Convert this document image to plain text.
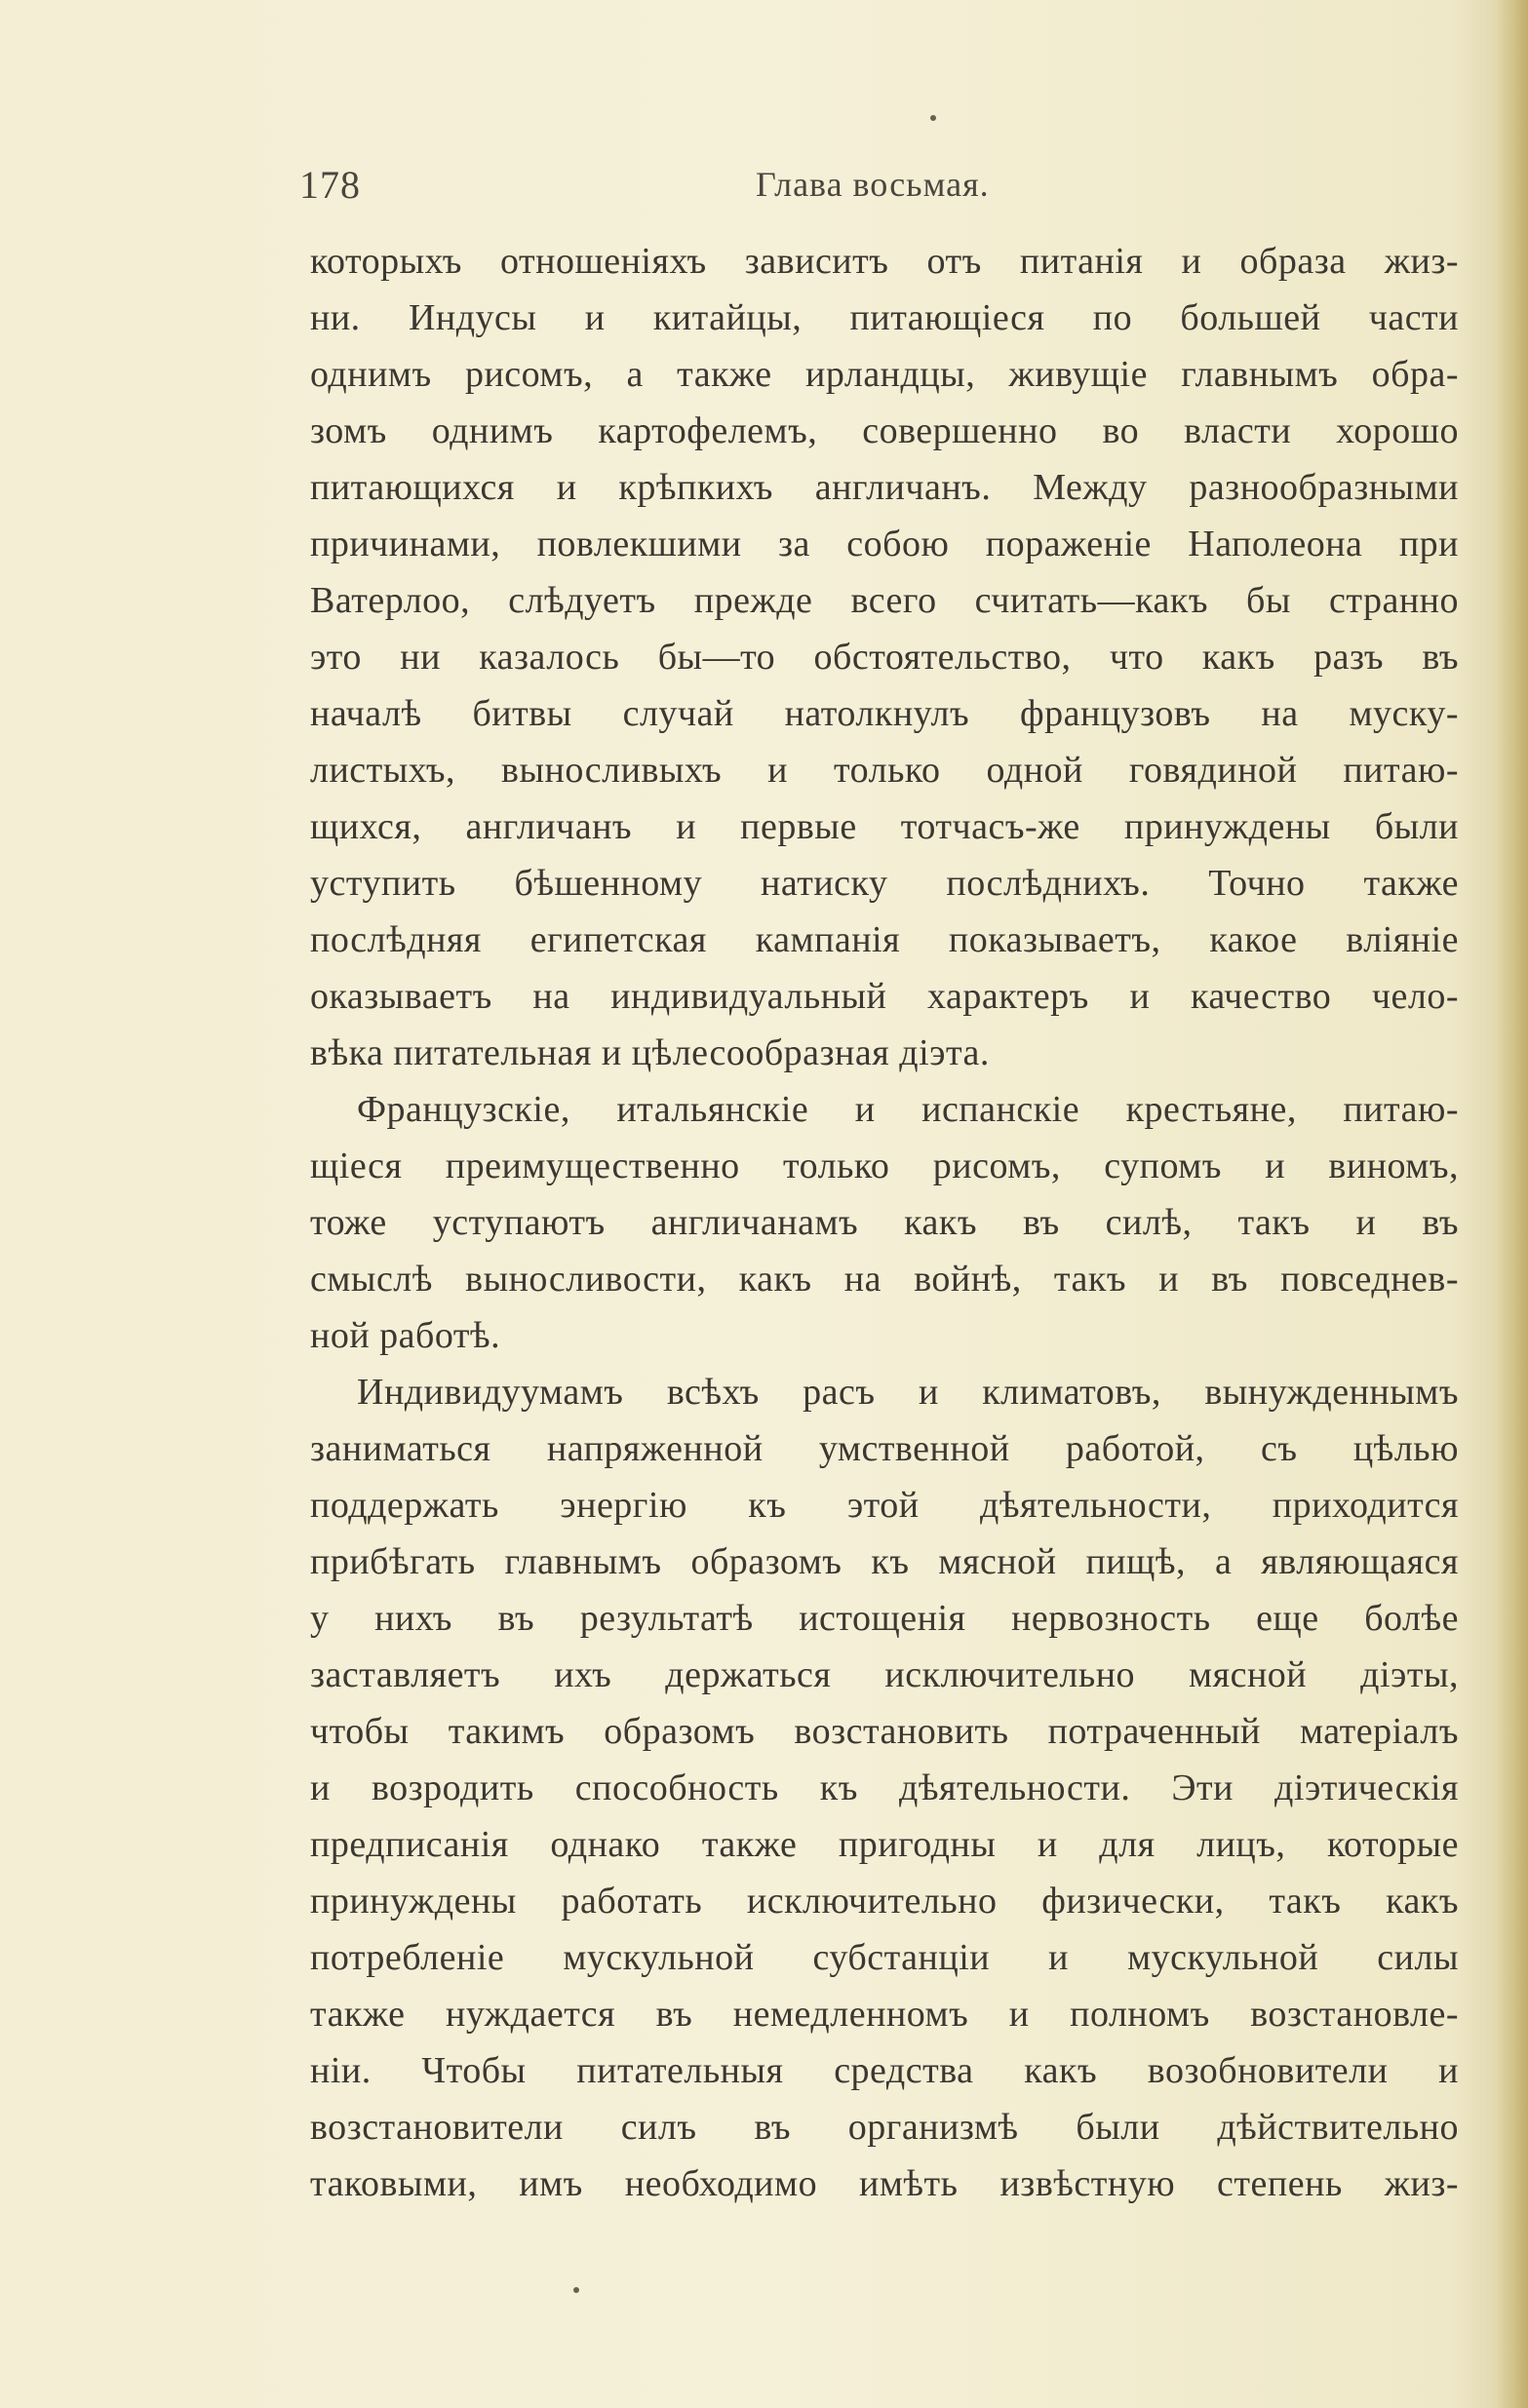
178	Глава восьмая.
которыхъ отношеніяхъ зависитъ отъ питанія и образа жиз-
ни. Индусы и китайцы, питающіеся по большей части
однимъ рисомъ, а также ирландцы, живущіе главнымъ обра-
зомъ однимъ картофелемъ, совершенно во власти хорошо
питающихся и крѣпкихъ англичанъ. Между разнообразными
причинами, повлекшими за собою пораженіе Наполеона при
Ватерлоо, слѣдуетъ прежде всего считать—какъ бы странно
это ни казалось бы—то обстоятельство, что какъ разъ въ
началѣ битвы случай натолкнулъ французовъ на муску-
листыхъ, выносливыхъ и только одной говядиной питаю-
щихся, англичанъ и первые тотчасъ-же принуждены были
уступить бѣшенному натиску послѣднихъ. Точно также
послѣдняя египетская кампанія показываетъ, какое вліяніе
оказываетъ на индивидуальный характеръ и качество чело-
вѣка питательная и цѣлесообразная діэта.
Французскіе, итальянскіе и испанскіе крестьяне, питаю-
щіеся преимущественно только рисомъ, супомъ и виномъ,
тоже уступаютъ англичанамъ какъ въ силѣ, такъ и въ
смыслѣ выносливости, какъ на войнѣ, такъ и въ повседнев-
ной работѣ.
Индивидуумамъ всѣхъ расъ и климатовъ, вынужденнымъ
заниматься напряженной умственной работой, съ цѣлью
поддержать энергію къ этой дѣятельности, приходится
прибѣгать главнымъ образомъ къ мясной пищѣ, а являющаяся
у нихъ въ результатѣ истощенія нервозность еще болѣе
заставляетъ ихъ держаться исключительно мясной діэты,
чтобы такимъ образомъ возстановить потраченный матеріалъ
и возродить способность къ дѣятельности. Эти діэтическія
предписанія однако также пригодны и для лицъ, которые
принуждены работать исключительно физически, такъ какъ
потребленіе мускульной субстанціи и мускульной силы
также нуждается въ немедленномъ и полномъ возстановле-
ніи. Чтобы питательныя средства какъ возобновители и
возстановители силъ въ организмѣ были дѣйствительно
таковыми, имъ необходимо имѣть извѣстную степень жиз-
